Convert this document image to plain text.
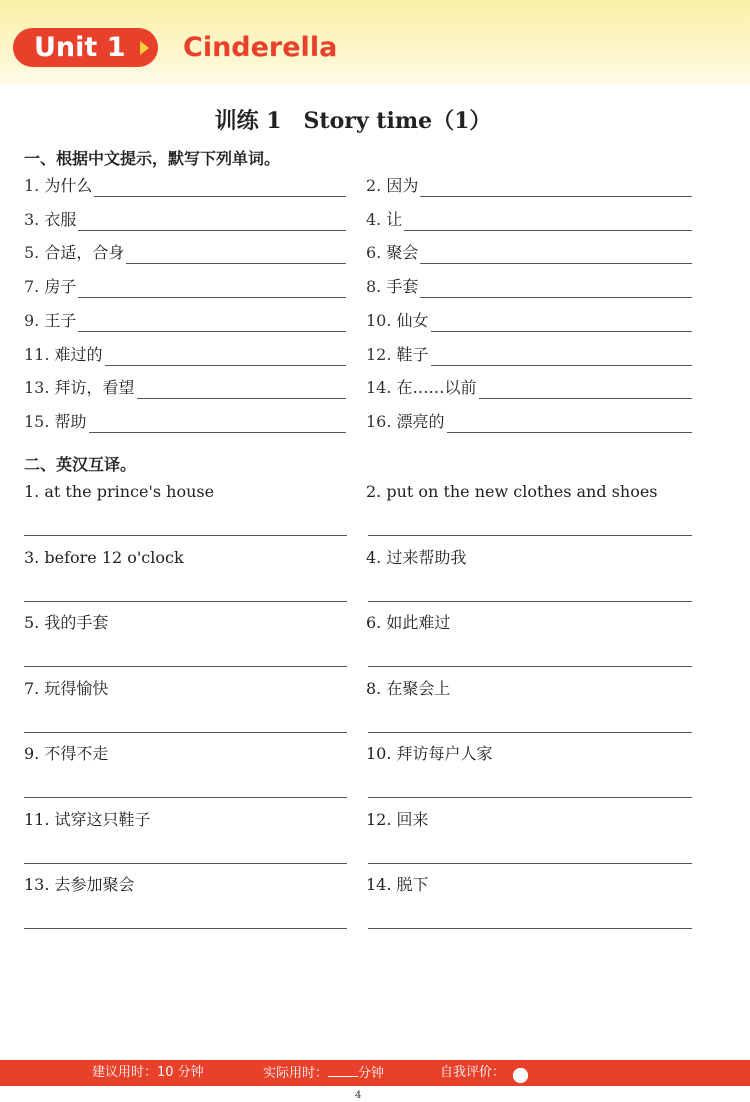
Unit 1 Cinderella
训练 1　Story time（1）
一、根据中文提示，默写下列单词。
1. 为什么	2. 因为
3. 衣服	4. 让
5. 合适，合身	6. 聚会
7. 房子	8. 手套
9. 王子	10. 仙女
11. 难过的	12. 鞋子
13. 拜访，看望	14. 在……以前
15. 帮助	16. 漂亮的
二、英汉互译。
1. at the prince's house	2. put on the new clothes and shoes
3. before 12 o'clock	4. 过来帮助我
5. 我的手套	6. 如此难过
7. 玩得愉快	8. 在聚会上
9. 不得不走	10. 拜访每户人家
11. 试穿这只鞋子	12. 回来
13. 去参加聚会	14. 脱下
建议用时：10 分钟	实际用时： 分钟	自我评价：
4
